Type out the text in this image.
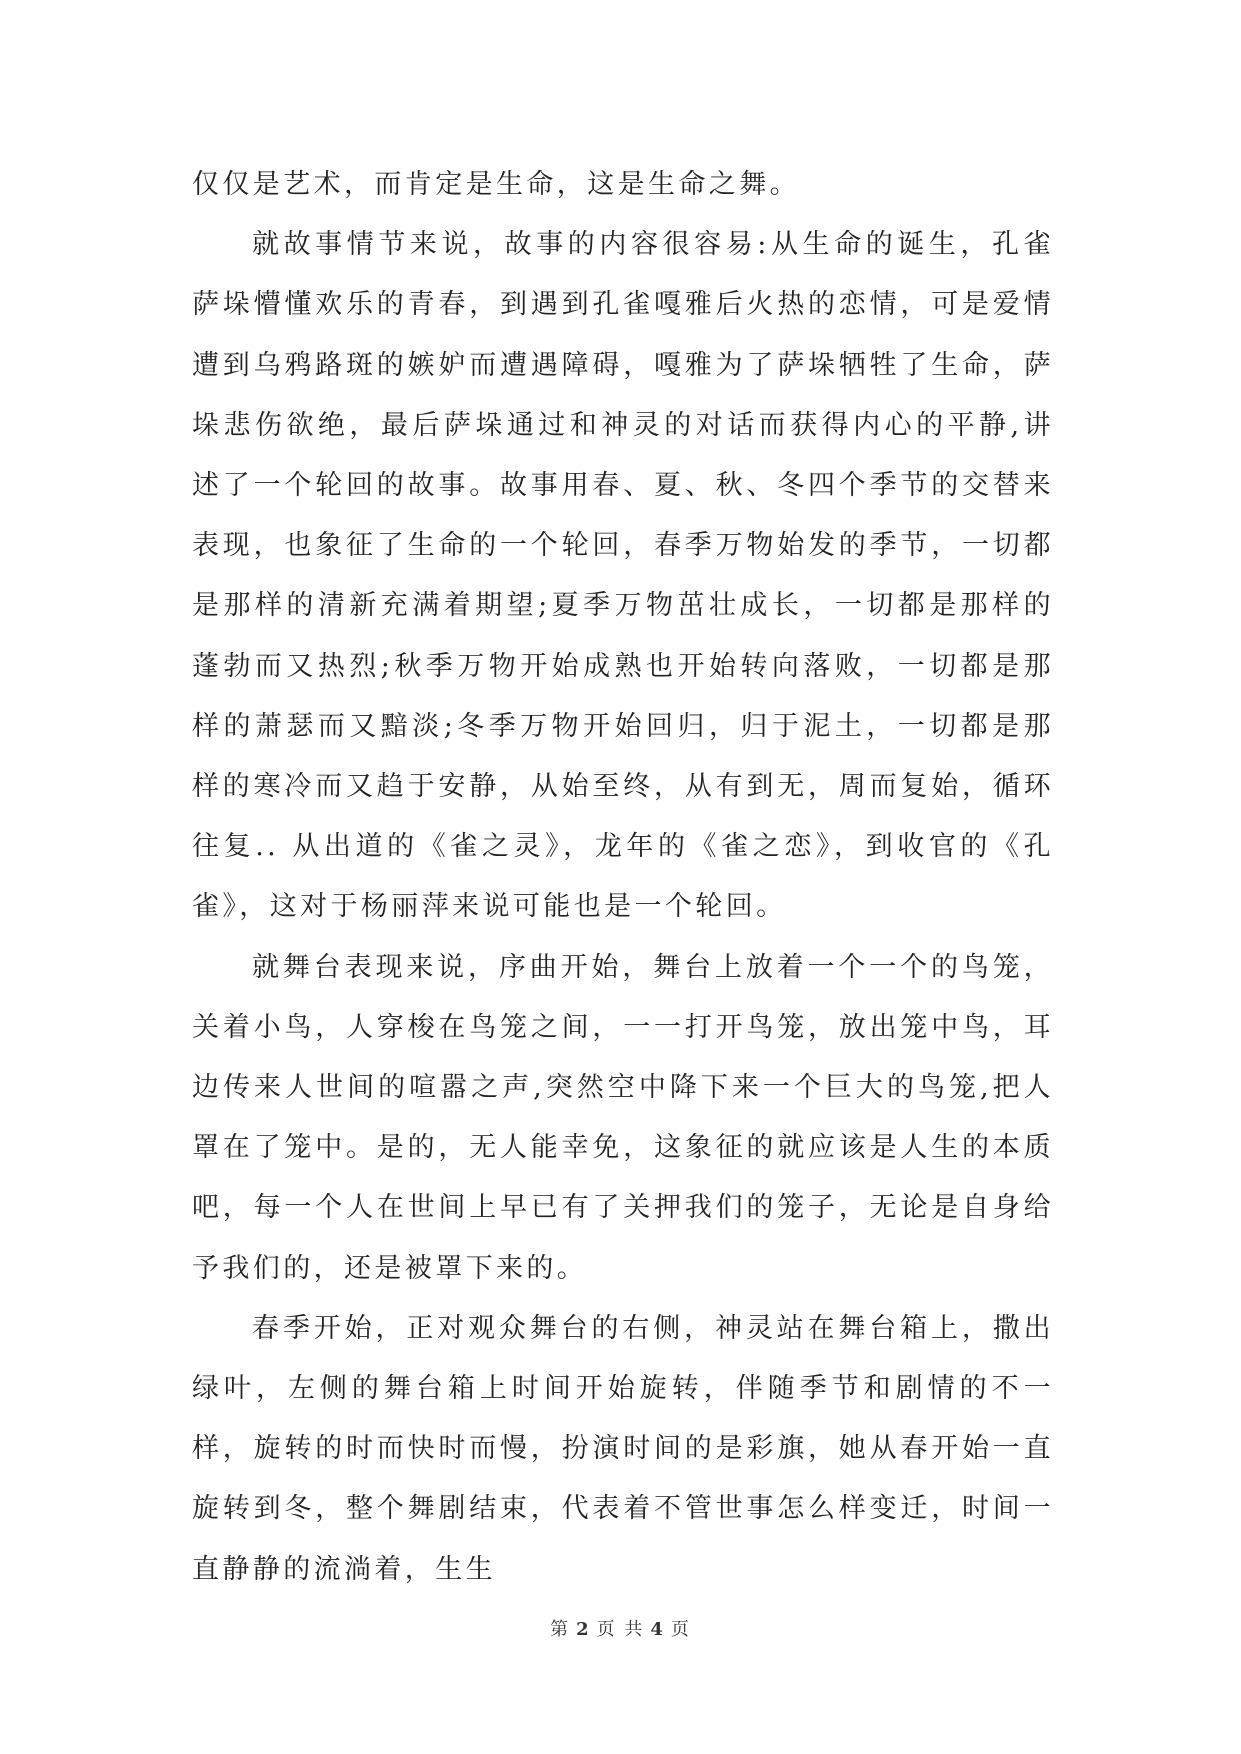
仅仅是艺术，而肯定是生命，这是生命之舞。

就故事情节来说，故事的内容很容易:从生命的诞生，孔雀萨垛懵懂欢乐的青春，到遇到孔雀嘎雅后火热的恋情，可是爱情遭到乌鸦路斑的嫉妒而遭遇障碍，嘎雅为了萨垛牺牲了生命，萨垛悲伤欲绝，最后萨垛通过和神灵的对话而获得内心的平静,讲述了一个轮回的故事。故事用春、夏、秋、冬四个季节的交替来表现，也象征了生命的一个轮回，春季万物始发的季节，一切都是那样的清新充满着期望;夏季万物茁壮成长，一切都是那样的蓬勃而又热烈;秋季万物开始成熟也开始转向落败，一切都是那样的萧瑟而又黯淡;冬季万物开始回归，归于泥土，一切都是那样的寒冷而又趋于安静，从始至终，从有到无，周而复始，循环往复.. 从出道的《雀之灵》，龙年的《雀之恋》，到收官的《孔雀》，这对于杨丽萍来说可能也是一个轮回。

就舞台表现来说，序曲开始，舞台上放着一个一个的鸟笼，关着小鸟，人穿梭在鸟笼之间，一一打开鸟笼，放出笼中鸟，耳边传来人世间的喧嚣之声,突然空中降下来一个巨大的鸟笼,把人罩在了笼中。是的，无人能幸免，这象征的就应该是人生的本质吧，每一个人在世间上早已有了关押我们的笼子，无论是自身给予我们的，还是被罩下来的。

春季开始，正对观众舞台的右侧，神灵站在舞台箱上，撒出绿叶，左侧的舞台箱上时间开始旋转，伴随季节和剧情的不一样，旋转的时而快时而慢，扮演时间的是彩旗，她从春开始一直旋转到冬，整个舞剧结束，代表着不管世事怎么样变迁，时间一直静静的流淌着，生生

第 2 页 共 4 页
